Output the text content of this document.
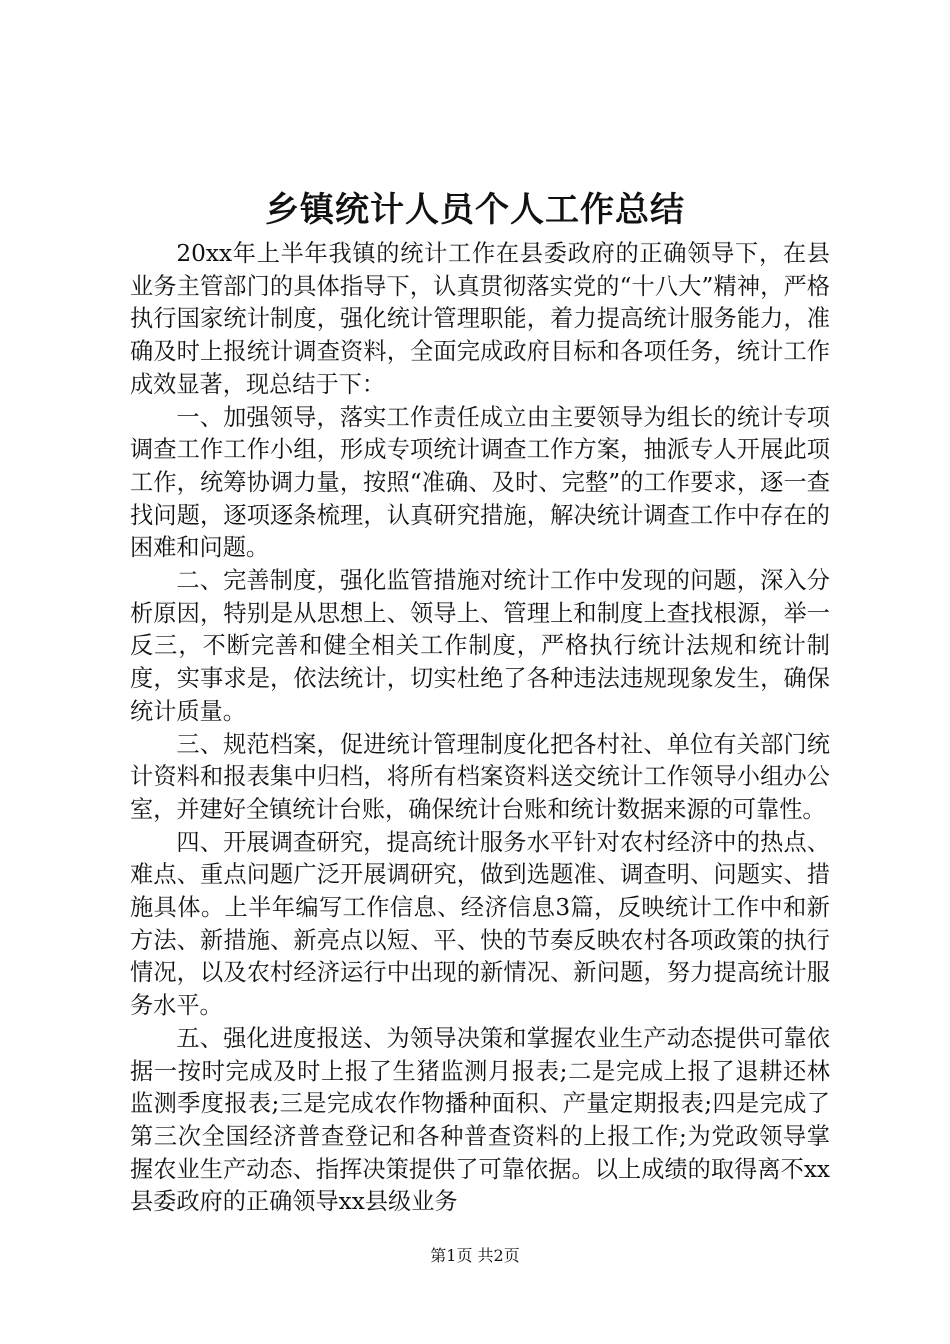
乡镇统计人员个人工作总结

20xx年上半年我镇的统计工作在县委政府的正确领导下，在县业务主管部门的具体指导下，认真贯彻落实党的“十八大”精神，严格执行国家统计制度，强化统计管理职能，着力提高统计服务能力，准确及时上报统计调查资料，全面完成政府目标和各项任务，统计工作成效显著，现总结于下：

一、加强领导，落实工作责任成立由主要领导为组长的统计专项调查工作工作小组，形成专项统计调查工作方案，抽派专人开展此项工作，统筹协调力量，按照“准确、及时、完整”的工作要求，逐一查找问题，逐项逐条梳理，认真研究措施，解决统计调查工作中存在的困难和问题。

二、完善制度，强化监管措施对统计工作中发现的问题，深入分析原因，特别是从思想上、领导上、管理上和制度上查找根源，举一反三，不断完善和健全相关工作制度，严格执行统计法规和统计制度，实事求是，依法统计，切实杜绝了各种违法违规现象发生，确保统计质量。

三、规范档案，促进统计管理制度化把各村社、单位有关部门统计资料和报表集中归档，将所有档案资料送交统计工作领导小组办公室，并建好全镇统计台账，确保统计台账和统计数据来源的可靠性。

四、开展调查研究，提高统计服务水平针对农村经济中的热点、难点、重点问题广泛开展调研究，做到选题准、调查明、问题实、措施具体。上半年编写工作信息、经济信息3篇，反映统计工作中和新方法、新措施、新亮点以短、平、快的节奏反映农村各项政策的执行情况，以及农村经济运行中出现的新情况、新问题，努力提高统计服务水平。

五、强化进度报送、为领导决策和掌握农业生产动态提供可靠依据一按时完成及时上报了生猪监测月报表;二是完成上报了退耕还林监测季度报表;三是完成农作物播种面积、产量定期报表;四是完成了第三次全国经济普查登记和各种普查资料的上报工作;为党政领导掌握农业生产动态、指挥决策提供了可靠依据。以上成绩的取得离不xx县委政府的正确领导xx县级业务

第1页 共2页
